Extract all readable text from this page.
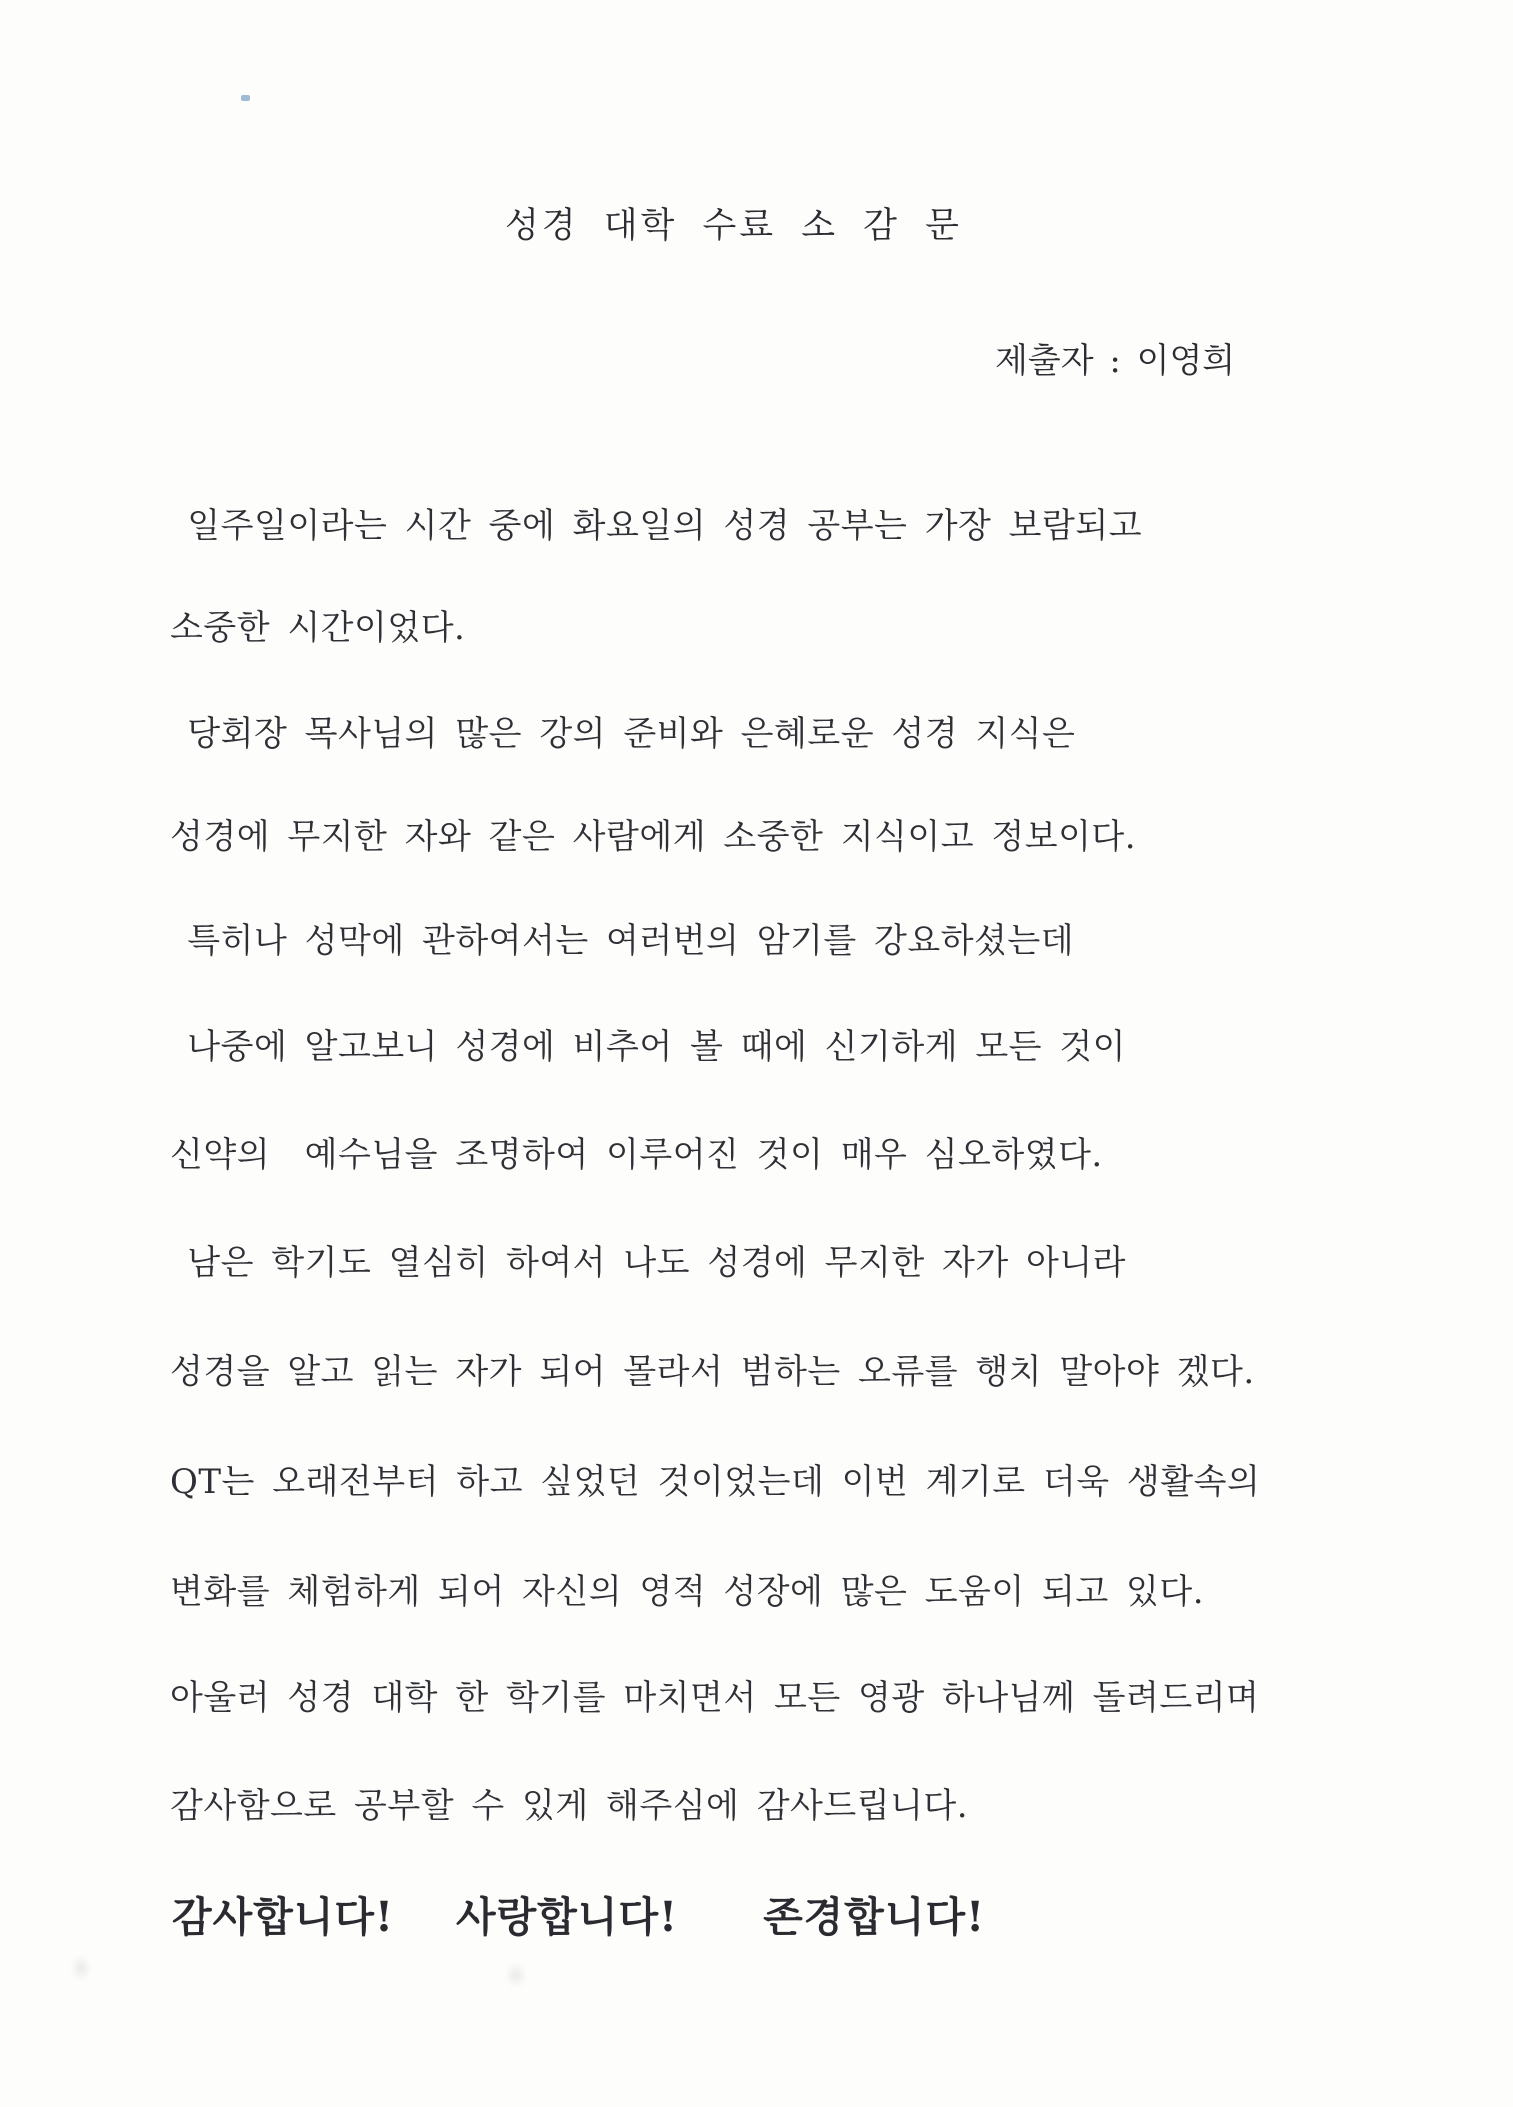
성경 대학 수료 소 감 문
제출자 : 이영희
일주일이라는 시간 중에 화요일의 성경 공부는 가장 보람되고
소중한 시간이었다.
당회장 목사님의 많은 강의 준비와 은혜로운 성경 지식은
성경에 무지한 자와 같은 사람에게 소중한 지식이고 정보이다.
특히나 성막에 관하여서는 여러번의 암기를 강요하셨는데
나중에 알고보니 성경에 비추어 볼 때에 신기하게 모든 것이
신약의  예수님을 조명하여 이루어진 것이 매우 심오하였다.
남은 학기도 열심히 하여서 나도 성경에 무지한 자가 아니라
성경을 알고 읽는 자가 되어 몰라서 범하는 오류를 행치 말아야 겠다.
QT는 오래전부터 하고 싶었던 것이었는데 이번 계기로 더욱 생활속의
변화를 체험하게 되어 자신의 영적 성장에 많은 도움이 되고 있다.
아울러 성경 대학 한 학기를 마치면서 모든 영광 하나님께 돌려드리며
감사함으로 공부할 수 있게 해주심에 감사드립니다.
감사합니다! 사랑합니다! 존경합니다!
